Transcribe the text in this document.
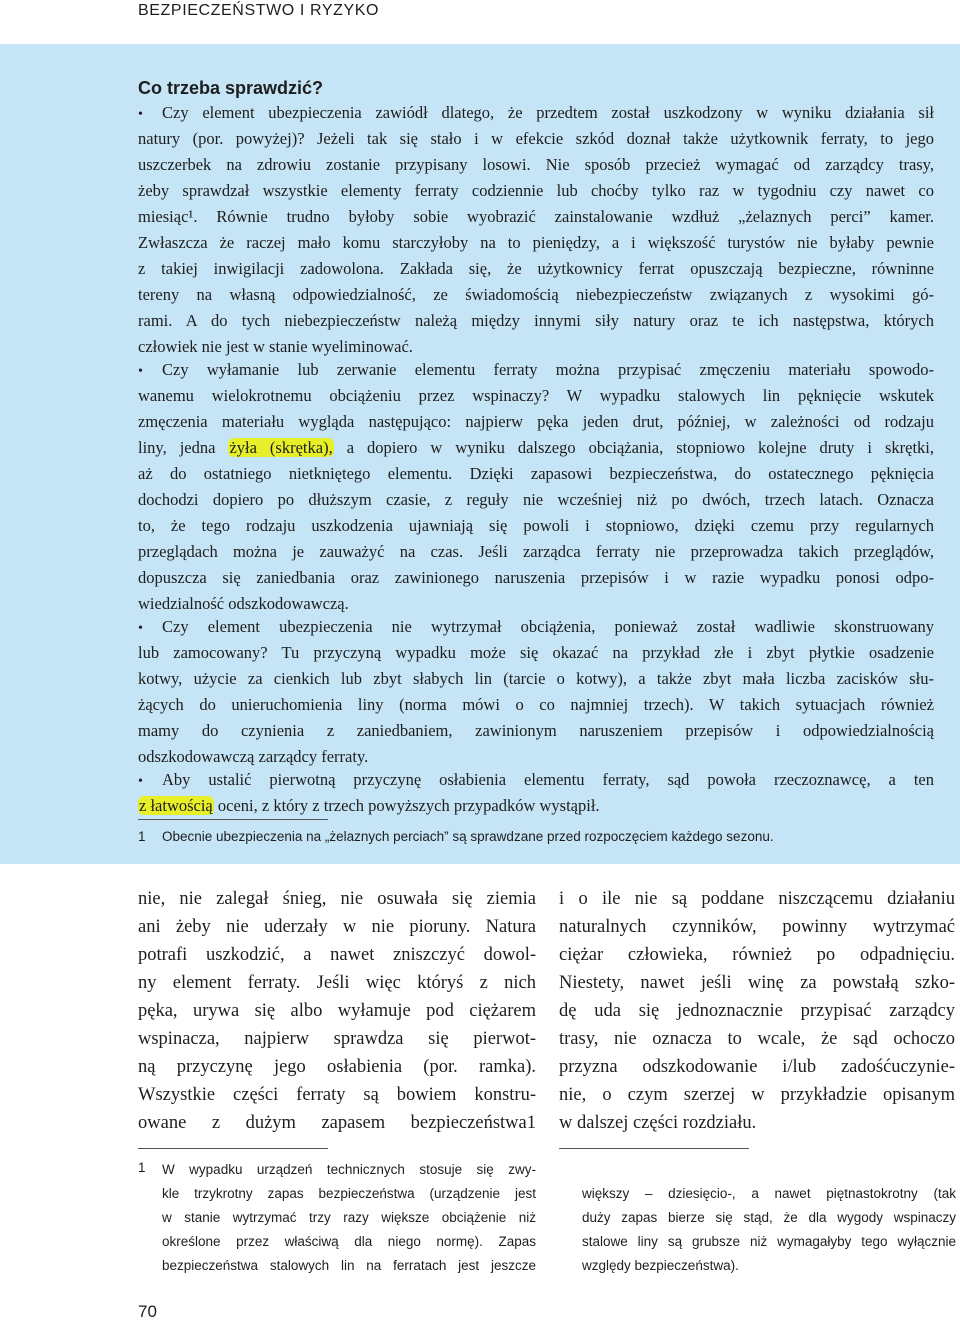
BEZPIECZEŃSTWO I RYZYKO
Co trzeba sprawdzić?
• Czy element ubezpieczenia zawiódł dlatego, że przedtem został uszkodzony w wyniku działania sił
natury (por. powyżej)? Jeżeli tak się stało i w efekcie szkód doznał także użytkownik ferraty, to jego
uszczerbek na zdrowiu zostanie przypisany losowi. Nie sposób przecież wymagać od zarządcy trasy,
żeby sprawdzał wszystkie elementy ferraty codziennie lub choćby tylko raz w tygodniu czy nawet co
miesiąc¹. Równie trudno byłoby sobie wyobrazić zainstalowanie wzdłuż „żelaznych perci” kamer.
Zwłaszcza że raczej mało komu starczyłoby na to pieniędzy, a i większość turystów nie byłaby pewnie
z takiej inwigilacji zadowolona. Zakłada się, że użytkownicy ferrat opuszczają bezpieczne, równinne
tereny na własną odpowiedzialność, ze świadomością niebezpieczeństw związanych z wysokimi gó-
rami. A do tych niebezpieczeństw należą między innymi siły natury oraz te ich następstwa, których
człowiek nie jest w stanie wyeliminować.
• Czy wyłamanie lub zerwanie elementu ferraty można przypisać zmęczeniu materiału spowodo-
wanemu wielokrotnemu obciążeniu przez wspinaczy? W wypadku stalowych lin pęknięcie wskutek
zmęczenia materiału wygląda następująco: najpierw pęka jeden drut, później, w zależności od rodzaju
liny, jedna żyła (skrętka), a dopiero w wyniku dalszego obciążania, stopniowo kolejne druty i skrętki,
aż do ostatniego nietkniętego elementu. Dzięki zapasowi bezpieczeństwa, do ostatecznego pęknięcia
dochodzi dopiero po dłuższym czasie, z reguły nie wcześniej niż po dwóch, trzech latach. Oznacza
to, że tego rodzaju uszkodzenia ujawniają się powoli i stopniowo, dzięki czemu przy regularnych
przeglądach można je zauważyć na czas. Jeśli zarządca ferraty nie przeprowadza takich przeglądów,
dopuszcza się zaniedbania oraz zawinionego naruszenia przepisów i w razie wypadku ponosi odpo-
wiedzialność odszkodowawczą.
• Czy element ubezpieczenia nie wytrzymał obciążenia, ponieważ został wadliwie skonstruowany
lub zamocowany? Tu przyczyną wypadku może się okazać na przykład złe i zbyt płytkie osadzenie
kotwy, użycie za cienkich lub zbyt słabych lin (tarcie o kotwy), a także zbyt mała liczba zacisków słu-
żących do unieruchomienia liny (norma mówi o co najmniej trzech). W takich sytuacjach również
mamy do czynienia z zaniedbaniem, zawinionym naruszeniem przepisów i odpowiedzialnością
odszkodowawczą zarządcy ferraty.
• Aby ustalić pierwotną przyczynę osłabienia elementu ferraty, sąd powoła rzeczoznawcę, a ten
z łatwością oceni, z który z trzech powyższych przypadków wystąpił.
1 Obecnie ubezpieczenia na „żelaznych perciach” są sprawdzane przed rozpoczęciem każdego sezonu.
nie, nie zalegał śnieg, nie osuwała się ziemia
ani żeby nie uderzały w nie pioruny. Natura
potrafi uszkodzić, a nawet zniszczyć dowol-
ny element ferraty. Jeśli więc któryś z nich
pęka, urywa się albo wyłamuje pod ciężarem
wspinacza, najpierw sprawdza się pierwot-
ną przyczynę jego osłabienia (por. ramka).
Wszystkie części ferraty są bowiem konstru-
owane z dużym zapasem bezpieczeństwa1
i o ile nie są poddane niszczącemu działaniu
naturalnych czynników, powinny wytrzymać
ciężar człowieka, również po odpadnięciu.
Niestety, nawet jeśli winę za powstałą szko-
dę uda się jednoznacznie przypisać zarządcy
trasy, nie oznacza to wcale, że sąd ochoczo
przyzna odszkodowanie i/lub zadośćuczynie-
nie, o czym szerzej w przykładzie opisanym
w dalszej części rozdziału.
1 W wypadku urządzeń technicznych stosuje się zwy-
kle trzykrotny zapas bezpieczeństwa (urządzenie jest
w stanie wytrzymać trzy razy większe obciążenie niż
określone przez właściwą dla niego normę). Zapas
bezpieczeństwa stalowych lin na ferratach jest jeszcze
większy – dziesięcio-, a nawet piętnastokrotny (tak
duży zapas bierze się stąd, że dla wygody wspinaczy
stalowe liny są grubsze niż wymagałyby tego wyłącznie
względy bezpieczeństwa).
70
